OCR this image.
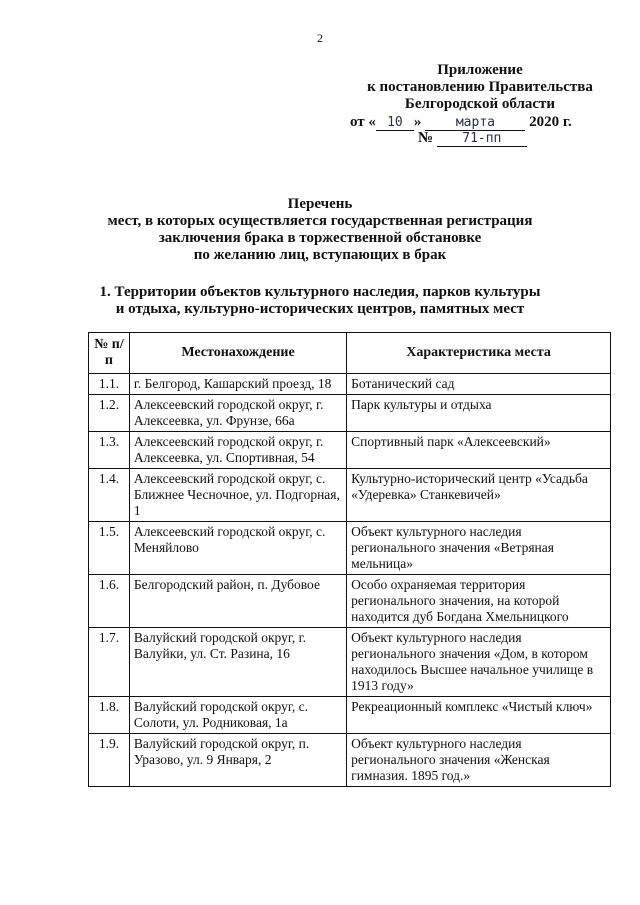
2
Приложение
к постановлению Правительства
Белгородской области
от « 10 »	марта 2020 г.
№ 71-пп
Перечень
мест, в которых осуществляется государственная регистрация
заключения брака в торжественной обстановке
по желанию лиц, вступающих в брак
1. Территории объектов культурного наследия, парков культуры
и отдыха, культурно-исторических центров, памятных мест
№ п/п	Местонахождение	Характеристика места
1.1.	г. Белгород, Кашарский проезд, 18	Ботанический сад
1.2.	Алексеевский городской округ, г. Алексеевка, ул. Фрунзе, 66а	Парк культуры и отдыха
1.3.	Алексеевский городской округ, г. Алексеевка, ул. Спортивная, 54	Спортивный парк «Алексеевский»
1.4.	Алексеевский городской округ, с. Ближнее Чесночное, ул. Подгорная, 1	Культурно-исторический центр «Усадьба «Удеревка» Станкевичей»
1.5.	Алексеевский городской округ, с. Меняйлово	Объект культурного наследия регионального значения «Ветряная мельница»
1.6.	Белгородский район, п. Дубовое	Особо охраняемая территория регионального значения, на которой находится дуб Богдана Хмельницкого
1.7.	Валуйский городской округ, г. Валуйки, ул. Ст. Разина, 16	Объект культурного наследия регионального значения «Дом, в котором находилось Высшее начальное училище в 1913 году»
1.8.	Валуйский городской округ, с. Солоти, ул. Родниковая, 1а	Рекреационный комплекс «Чистый ключ»
1.9.	Валуйский городской округ, п. Уразово, ул. 9 Января, 2	Объект культурного наследия регионального значения «Женская гимназия. 1895 год.»
